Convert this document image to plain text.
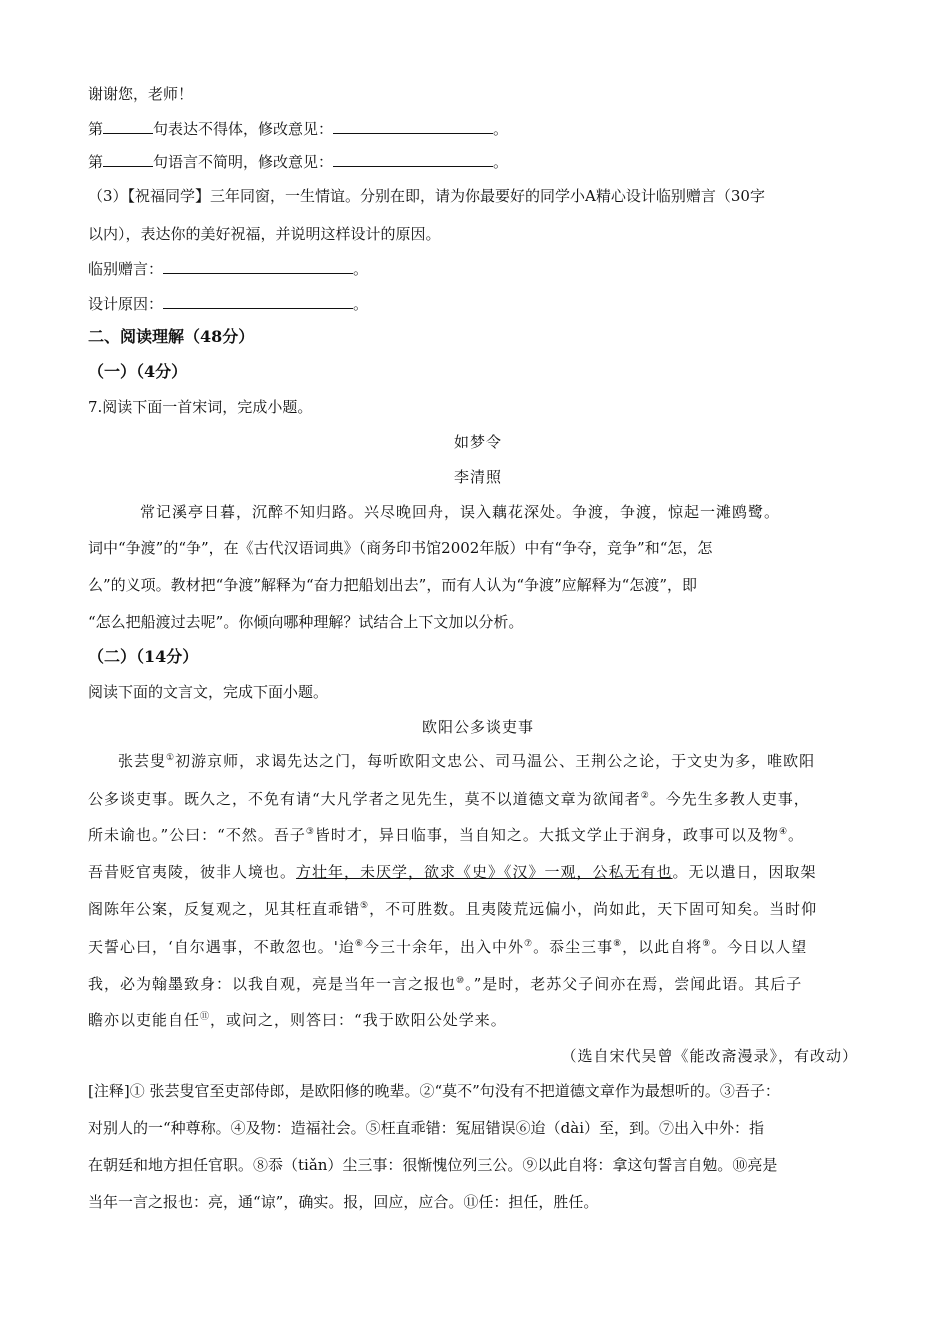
谢谢您，老师！
第	句表达不得体，修改意见：	。
第	句语言不简明，修改意见：	。
（3）【祝福同学】三年同窗，一生情谊。分别在即，请为你最要好的同学小A精心设计临别赠言（30字
以内），表达你的美好祝福，并说明这样设计的原因。
临别赠言：	。
设计原因：	。
二、阅读理解（48分）
（一）（4分）
7.阅读下面一首宋词，完成小题。
如梦令
李清照
常记溪亭日暮，沉醉不知归路。兴尽晚回舟，误入藕花深处。争渡，争渡，惊起一滩鸥鹭。
词中“争渡”的“争”，在《古代汉语词典》（商务印书馆2002年版）中有“争夺，竞争”和“怎，怎
么”的义项。教材把“争渡”解释为“奋力把船划出去”，而有人认为“争渡”应解释为“怎渡”，即
“怎么把船渡过去呢”。你倾向哪种理解？试结合上下文加以分析。
（二）（14分）
阅读下面的文言文，完成下面小题。
欧阳公多谈吏事
张芸叟①初游京师，求谒先达之门，每听欧阳文忠公、司马温公、王荆公之论，于文史为多，唯欧阳
公多谈吏事。既久之，不免有请“大凡学者之见先生，莫不以道德文章为欲闻者②。今先生多教人吏事，
所未谕也。”公曰：“不然。吾子③皆时才，异日临事，当自知之。大抵文学止于润身，政事可以及物④。
吾昔贬官夷陵，彼非人境也。方壮年，未厌学，欲求《史》《汉》一观，公私无有也。无以遣日，因取架
阁陈年公案，反复观之，见其枉直乖错⑤，不可胜数。且夷陵荒远偏小，尚如此，天下固可知矣。当时仰
天誓心曰，‘自尔遇事，不敢忽也。'迨⑥今三十余年，出入中外⑦。忝尘三事⑧，以此自将⑨。今日以人望
我，必为翰墨致身：以我自观，亮是当年一言之报也⑩。”是时，老苏父子间亦在焉，尝闻此语。其后子
瞻亦以吏能自任⑪，或问之，则答曰：“我于欧阳公处学来。
（选自宋代吴曾《能改斋漫录》，有改动）
[注释]① 张芸叟官至吏部侍郎，是欧阳修的晚辈。②“莫不”句没有不把道德文章作为最想听的。③吾子：
对别人的一“种尊称。④及物：造福社会。⑤枉直乖错：冤屈错误⑥迨（dài）至，到。⑦出入中外：指
在朝廷和地方担任官职。⑧忝（tiǎn）尘三事：很惭愧位列三公。⑨以此自将：拿这句誓言自勉。⑩亮是
当年一言之报也：亮，通“谅”，确实。报，回应，应合。⑪任：担任，胜任。
